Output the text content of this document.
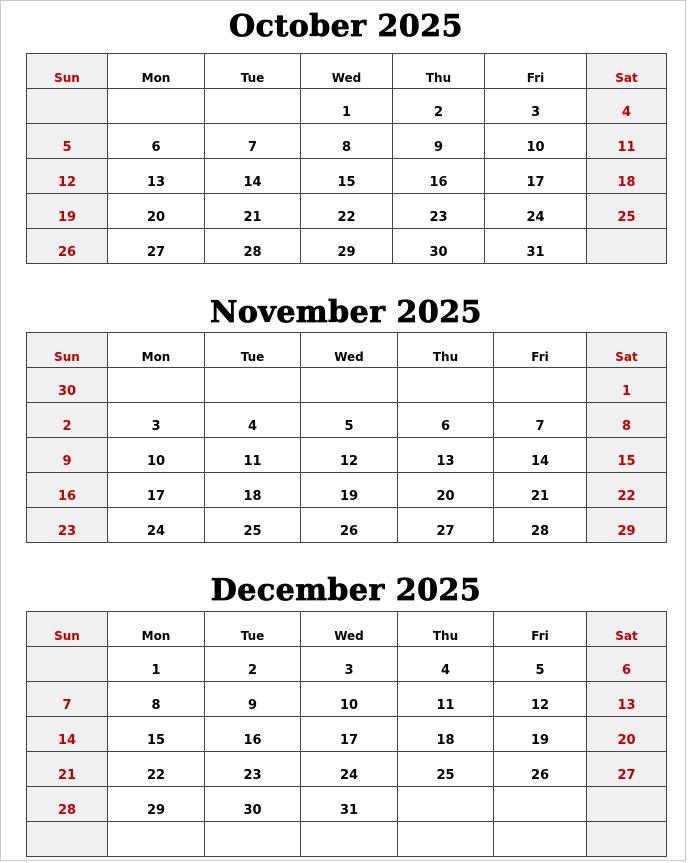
October 2025
Sun	Mon	Tue	Wed	Thu	Fri	Sat

			1	2	3	4

5	6	7	8	9	10	11

12	13	14	15	16	17	18

19	20	21	22	23	24	25

26	27	28	29	30	31	

November 2025
Sun	Mon	Tue	Wed	Thu	Fri	Sat

30						1

2	3	4	5	6	7	8

9	10	11	12	13	14	15

16	17	18	19	20	21	22

23	24	25	26	27	28	29
December 2025
Sun	Mon	Tue	Wed	Thu	Fri	Sat

	1	2	3	4	5	6

7	8	9	10	11	12	13

14	15	16	17	18	19	20

21	22	23	24	25	26	27

28	29	30	31			
